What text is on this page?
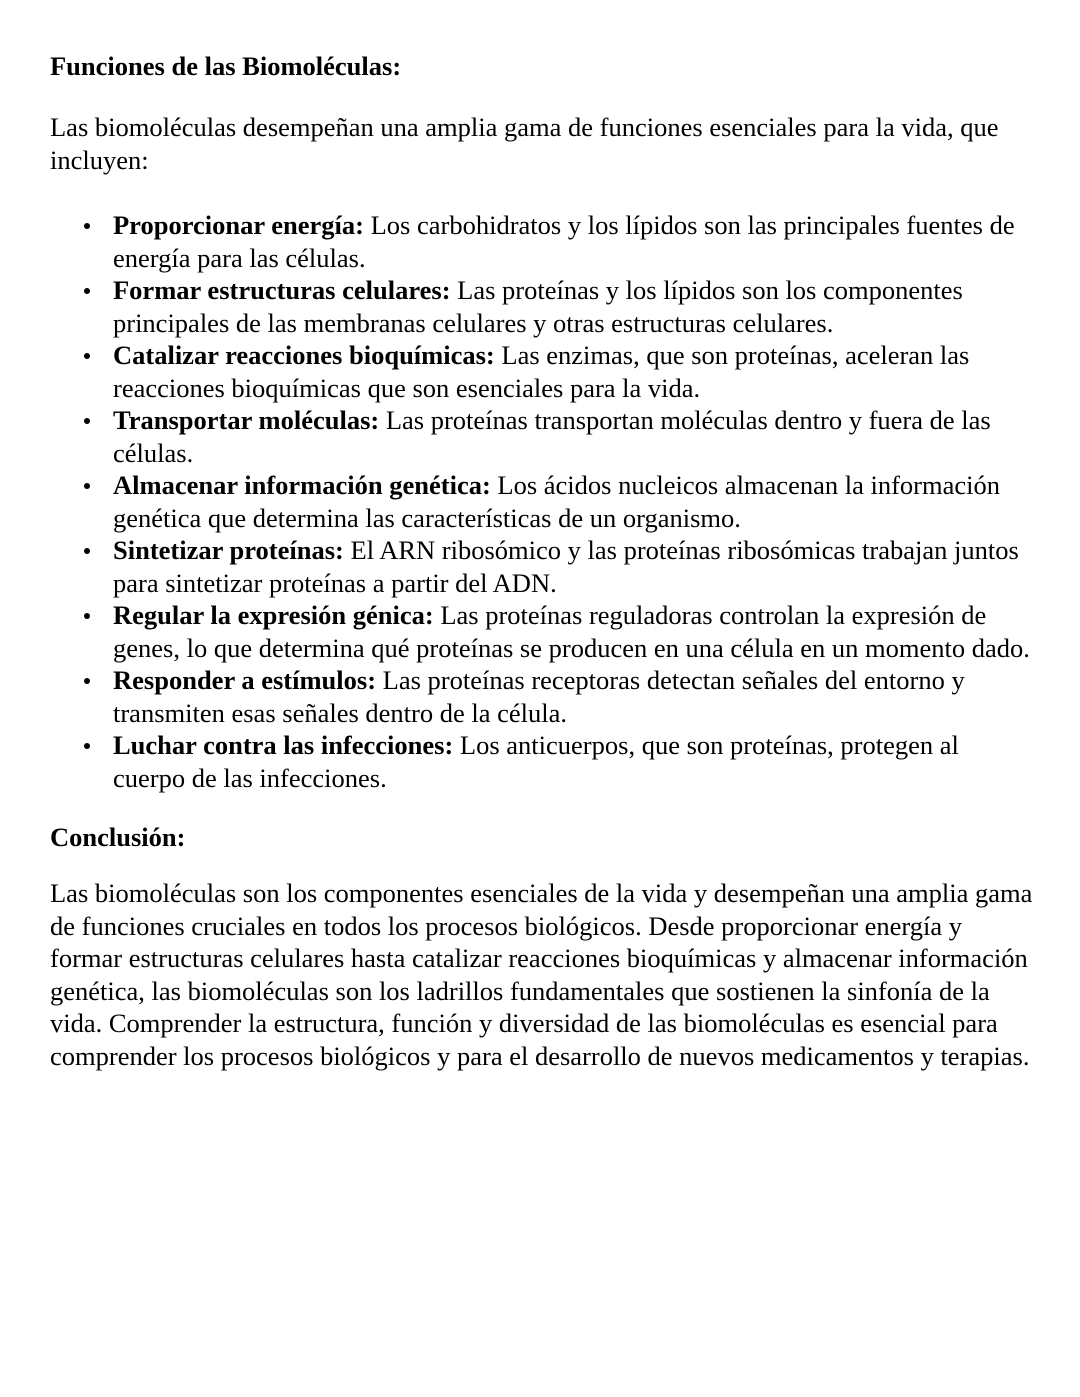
Funciones de las Biomoléculas:

Las biomoléculas desempeñan una amplia gama de funciones esenciales para la vida, que incluyen:

Proporcionar energía: Los carbohidratos y los lípidos son las principales fuentes de energía para las células.
Formar estructuras celulares: Las proteínas y los lípidos son los componentes principales de las membranas celulares y otras estructuras celulares.
Catalizar reacciones bioquímicas: Las enzimas, que son proteínas, aceleran las reacciones bioquímicas que son esenciales para la vida.
Transportar moléculas: Las proteínas transportan moléculas dentro y fuera de las células.
Almacenar información genética: Los ácidos nucleicos almacenan la información genética que determina las características de un organismo.
Sintetizar proteínas: El ARN ribosómico y las proteínas ribosómicas trabajan juntos para sintetizar proteínas a partir del ADN.
Regular la expresión génica: Las proteínas reguladoras controlan la expresión de genes, lo que determina qué proteínas se producen en una célula en un momento dado.
Responder a estímulos: Las proteínas receptoras detectan señales del entorno y transmiten esas señales dentro de la célula.
Luchar contra las infecciones: Los anticuerpos, que son proteínas, protegen al cuerpo de las infecciones.

Conclusión:

Las biomoléculas son los componentes esenciales de la vida y desempeñan una amplia gama de funciones cruciales en todos los procesos biológicos. Desde proporcionar energía y formar estructuras celulares hasta catalizar reacciones bioquímicas y almacenar información genética, las biomoléculas son los ladrillos fundamentales que sostienen la sinfonía de la vida. Comprender la estructura, función y diversidad de las biomoléculas es esencial para comprender los procesos biológicos y para el desarrollo de nuevos medicamentos y terapias.
